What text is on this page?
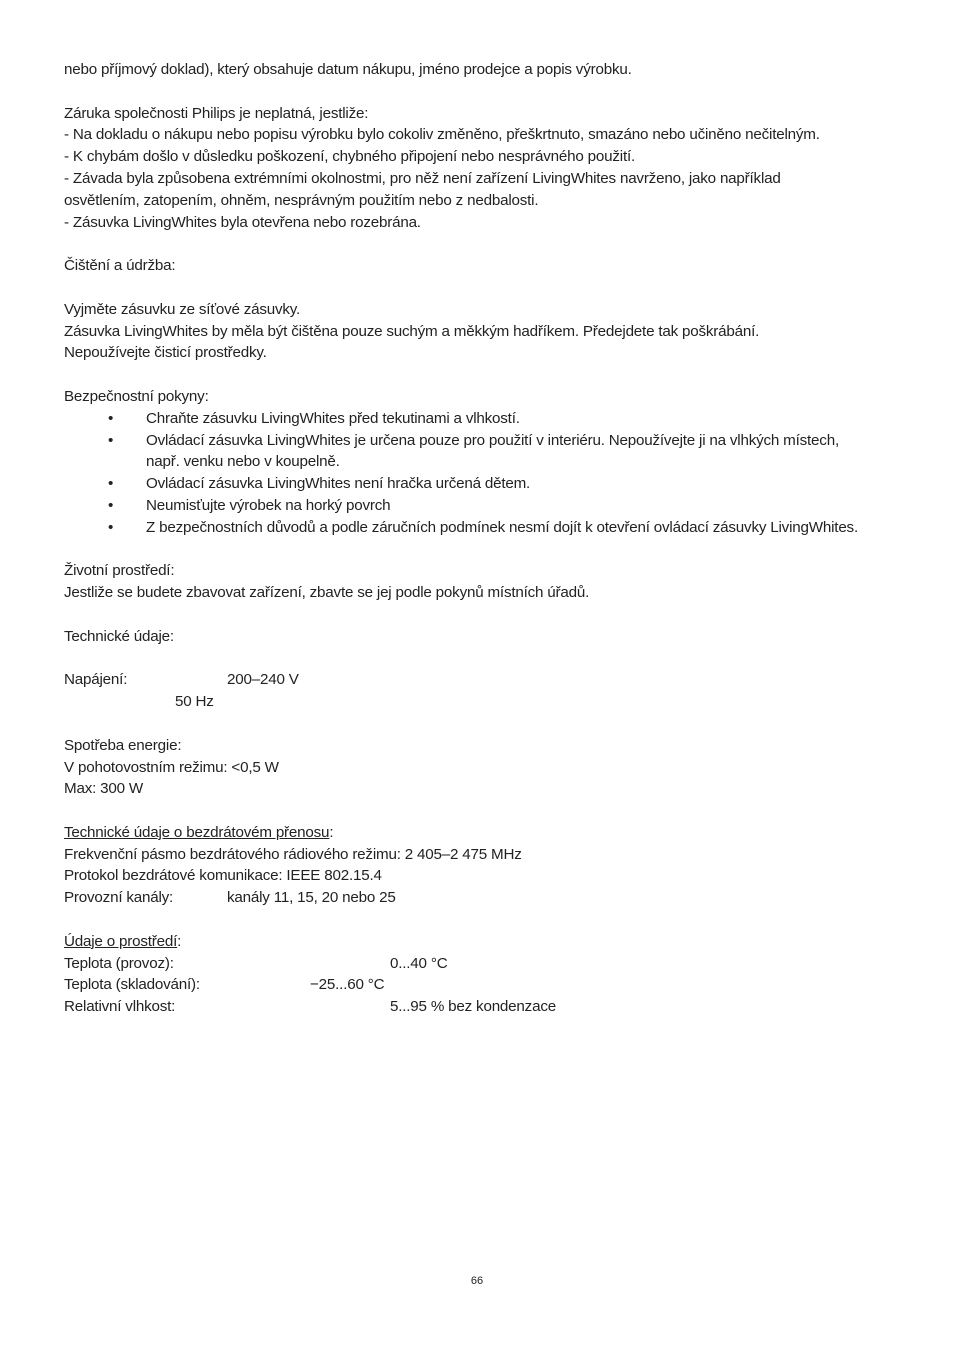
nebo příjmový doklad), který obsahuje datum nákupu, jméno prodejce a popis výrobku.
Záruka společnosti Philips je neplatná, jestliže:
- Na dokladu o nákupu nebo popisu výrobku bylo cokoliv změněno, přeškrtnuto, smazáno nebo učiněno nečitelným.
- K chybám došlo v důsledku poškození, chybného připojení nebo nesprávného použití.
- Závada byla způsobena extrémními okolnostmi, pro něž není zařízení LivingWhites navrženo, jako například
osvětlením, zatopením, ohněm, nesprávným použitím nebo z nedbalosti.
- Zásuvka LivingWhites byla otevřena nebo rozebrána.
Čištění a údržba:
Vyjměte zásuvku ze síťové zásuvky.
Zásuvka LivingWhites by měla být čištěna pouze suchým a měkkým hadříkem. Předejdete tak poškrábání.
Nepoužívejte čisticí prostředky.
Bezpečnostní pokyny:
• Chraňte zásuvku LivingWhites před tekutinami a vlhkostí.
• Ovládací zásuvka LivingWhites je určena pouze pro použití v interiéru. Nepoužívejte ji na vlhkých místech, např. venku nebo v koupelně.
• Ovládací zásuvka LivingWhites není hračka určená dětem.
• Neumisťujte výrobek na horký povrch
• Z bezpečnostních důvodů a podle záručních podmínek nesmí dojít k otevření ovládací zásuvky LivingWhites.
Životní prostředí:
Jestliže se budete zbavovat zařízení, zbavte se jej podle pokynů místních úřadů.
Technické údaje:
Napájení:	200–240 V
50 Hz
Spotřeba energie:
V pohotovostním režimu: <0,5 W
Max: 300 W
Technické údaje o bezdrátovém přenosu:
Frekvenční pásmo bezdrátového rádiového režimu: 2 405–2 475 MHz
Protokol bezdrátové komunikace: IEEE 802.15.4
Provozní kanály:	kanály 11, 15, 20 nebo 25
Údaje o prostředí:
Teplota (provoz):	0...40 °C
Teplota (skladování):	−25...60 °C
Relativní vlhkost:	5...95 % bez kondenzace
66
